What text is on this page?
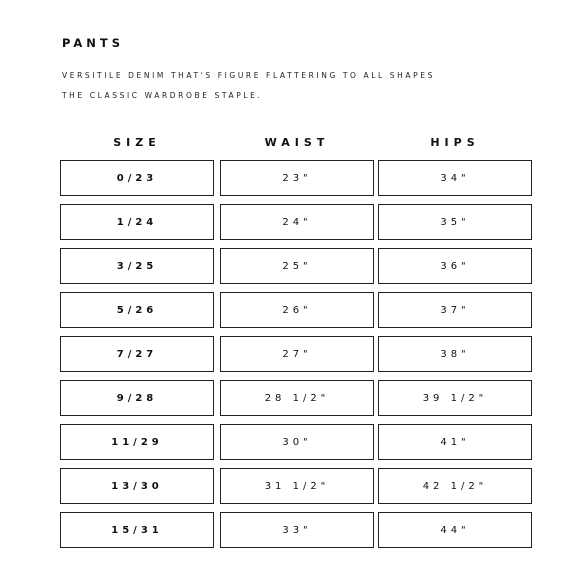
PANTS
VERSITILE DENIM THAT'S FIGURE FLATTERING TO ALL SHAPES
THE CLASSIC WARDROBE STAPLE.
SIZE	WAIST	HIPS
0/23	23"	34"
1/24	24"	35"
3/25	25"	36"
5/26	26"	37"
7/27	27"	38"
9/28	28 1/2"	39 1/2"
11/29	30"	41"
13/30	31 1/2"	42 1/2"
15/31	33"	44"
